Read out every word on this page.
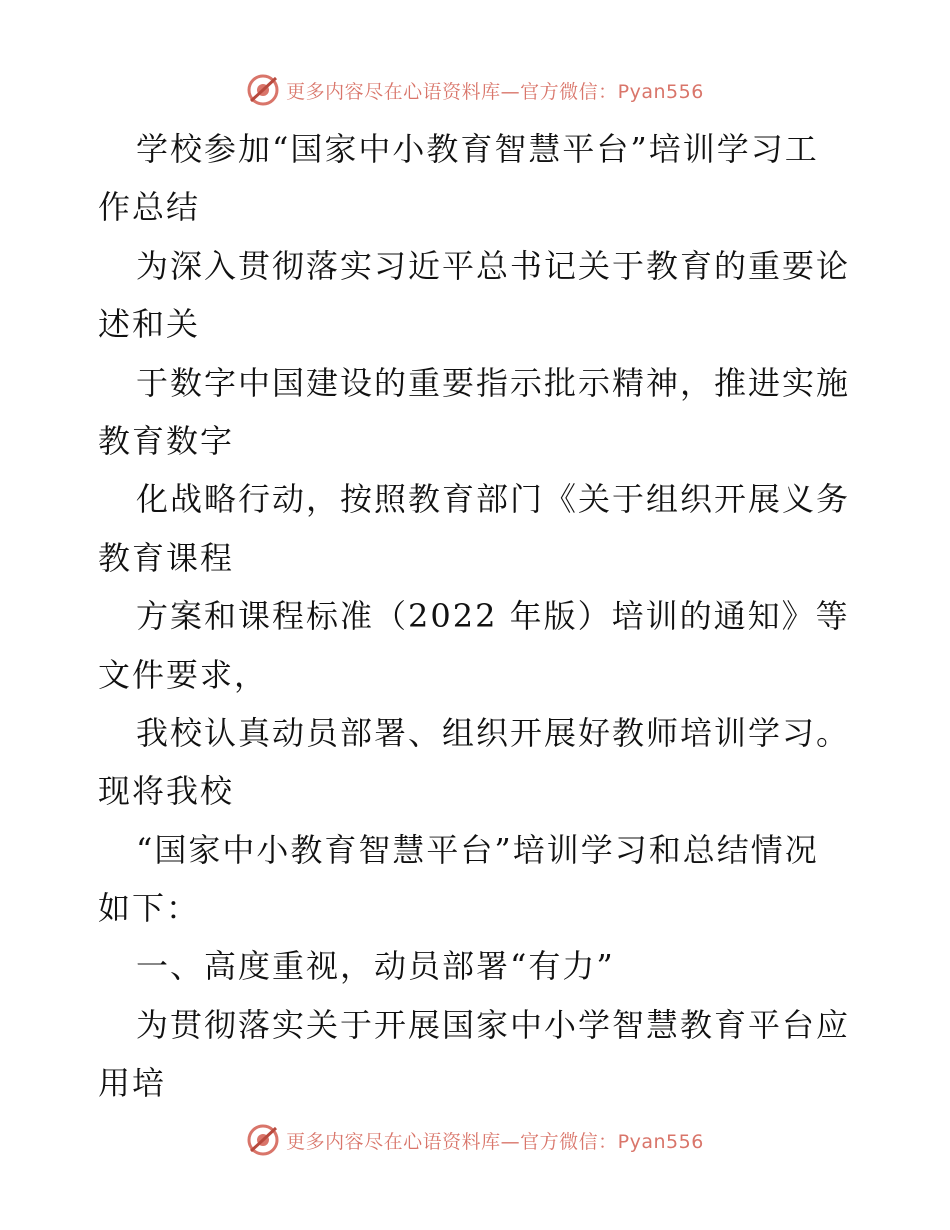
更多内容尽在心语资料库—官方微信：Pyan556
学校参加“国家中小教育智慧平台”培训学习工
作总结
为深入贯彻落实习近平总书记关于教育的重要论
述和关
于数字中国建设的重要指示批示精神，推进实施
教育数字
化战略行动，按照教育部门《关于组织开展义务
教育课程
方案和课程标准（2022 年版）培训的通知》等
文件要求，
我校认真动员部署、组织开展好教师培训学习。
现将我校
“国家中小教育智慧平台”培训学习和总结情况
如下：
一、高度重视，动员部署“有力”
为贯彻落实关于开展国家中小学智慧教育平台应
用培
更多内容尽在心语资料库—官方微信：Pyan556
